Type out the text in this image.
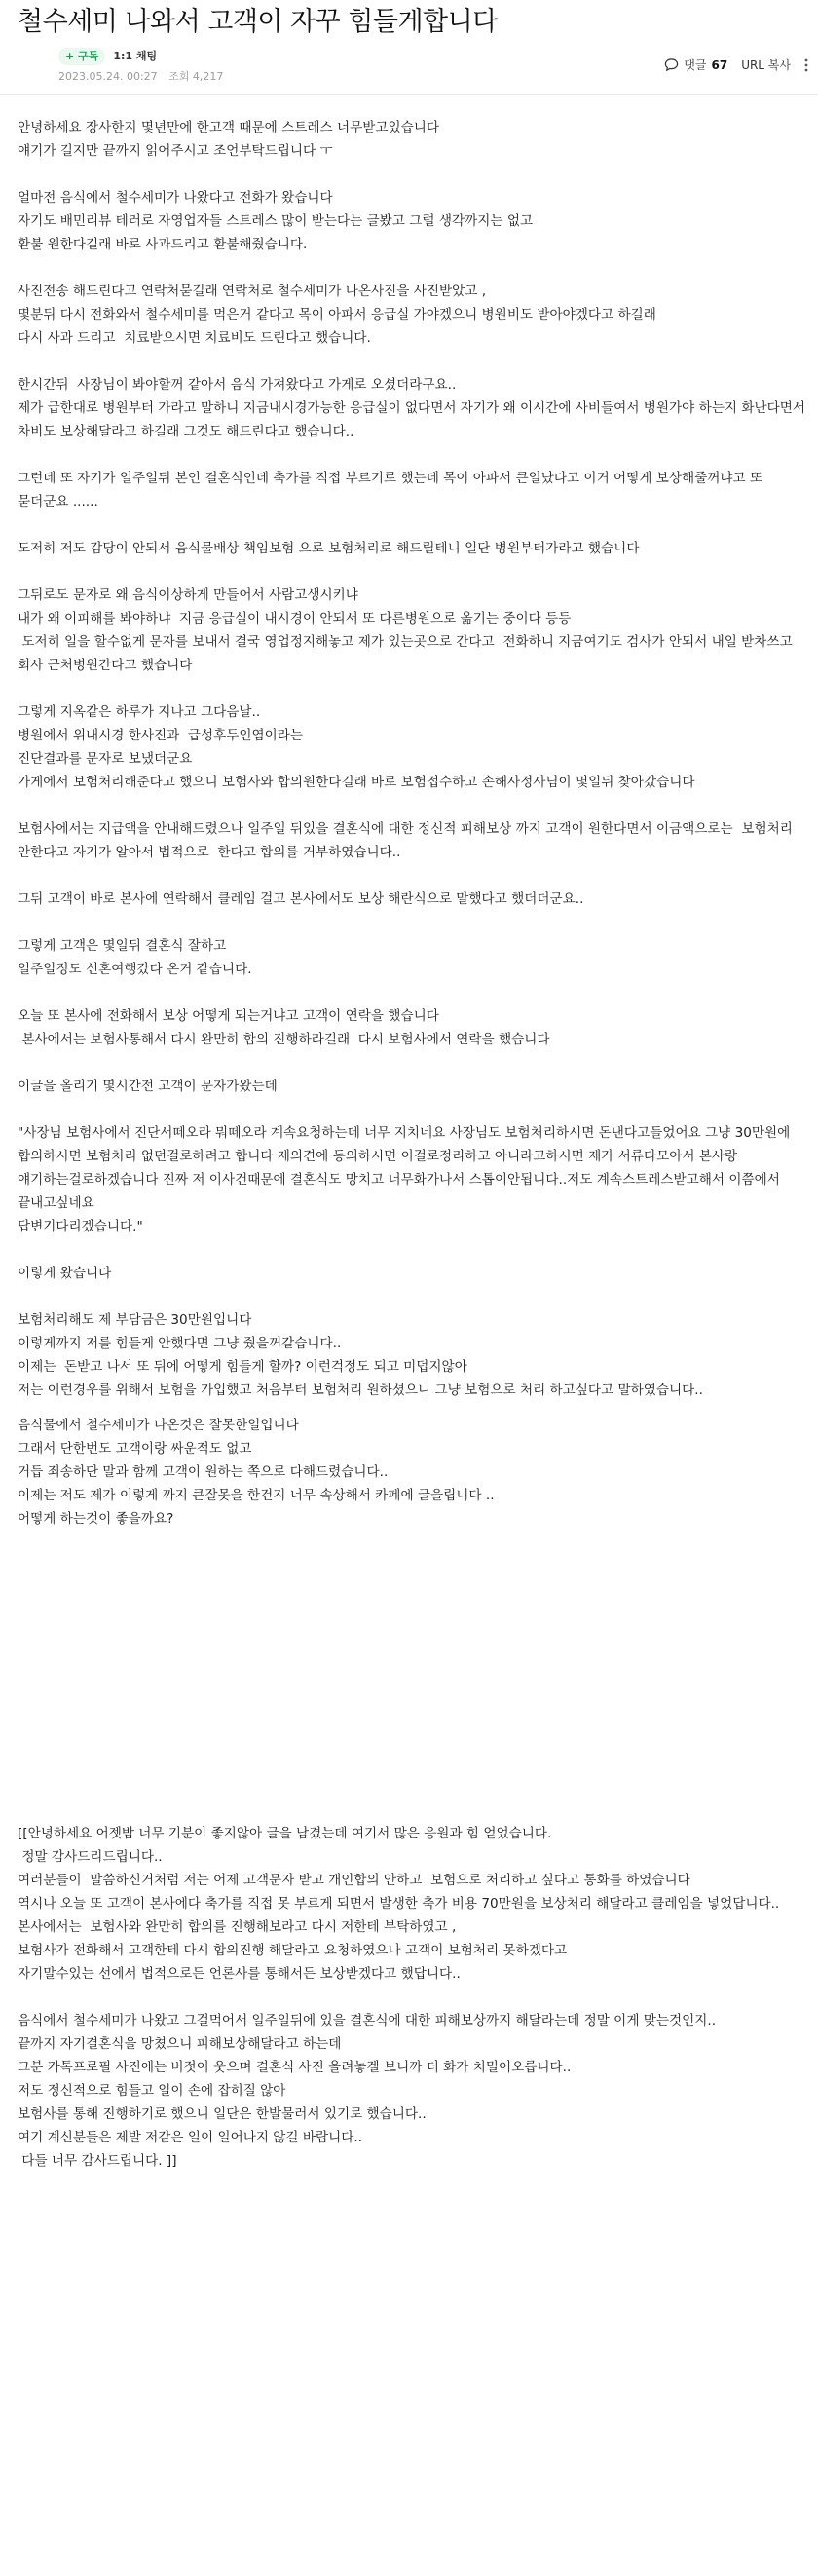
철수세미 나와서 고객이 자꾸 힘들게합니다
+ 구독	1:1 채팅
2023.05.24. 00:27 조회 4,217
댓글 67 URL 복사

안녕하세요 장사한지 몇년만에 한고객 때문에 스트레스 너무받고있습니다
얘기가 길지만 끝까지 읽어주시고 조언부탁드립니다 ㅜ

얼마전 음식에서 철수세미가 나왔다고 전화가 왔습니다
자기도 배민리뷰 테러로 자영업자들 스트레스 많이 받는다는 글봤고 그럴 생각까지는 없고
환불 원한다길래 바로 사과드리고 환불해줬습니다.

사진전송 해드린다고 연락처묻길래 연락처로 철수세미가 나온사진을 사진받았고 ,
몇분뒤 다시 전화와서 철수세미를 먹은거 같다고 목이 아파서 응급실 가야겠으니 병원비도 받아야겠다고 하길래
다시 사과 드리고  치료받으시면 치료비도 드린다고 했습니다.

한시간뒤  사장님이 봐야할꺼 같아서 음식 가져왔다고 가게로 오셨더라구요..
제가 급한대로 병원부터 가라고 말하니 지금내시경가능한 응급실이 없다면서 자기가 왜 이시간에 사비들여서 병원가야 하는지 화난다면서 차비도 보상해달라고 하길래 그것도 해드린다고 했습니다..

그런데 또 자기가 일주일뒤 본인 결혼식인데 축가를 직접 부르기로 했는데 목이 아파서 큰일났다고 이거 어떻게 보상해줄꺼냐고 또 묻더군요 ......

도저히 저도 감당이 안되서 음식물배상 책임보험 으로 보험처리로 해드릴테니 일단 병원부터가라고 했습니다

그뒤로도 문자로 왜 음식이상하게 만들어서 사람고생시키냐
내가 왜 이피해를 봐야하냐  지금 응급실이 내시경이 안되서 또 다른병원으로 옮기는 중이다 등등
도저히 일을 할수없게 문자를 보내서 결국 영업정지해놓고 제가 있는곳으로 간다고  전화하니 지금여기도 검사가 안되서 내일 받차쓰고 회사 근처병원간다고 했습니다

그렇게 지옥같은 하루가 지나고 그다음날..
병원에서 위내시경 한사진과  급성후두인염이라는
진단결과를 문자로 보냈더군요
가게에서 보험처리해준다고 했으니 보험사와 합의원한다길래 바로 보험접수하고 손해사정사님이 몇일뒤 찾아갔습니다

보험사에서는 지급액을 안내해드렸으나 일주일 뒤있을 결혼식에 대한 정신적 피해보상 까지 고객이 원한다면서 이금액으로는  보험처리 안한다고 자기가 알아서 법적으로  한다고 합의를 거부하였습니다..

그뒤 고객이 바로 본사에 연락해서 클레임 걸고 본사에서도 보상 해란식으로 말했다고 했더더군요..

그렇게 고객은 몇일뒤 결혼식 잘하고
일주일정도 신혼여행갔다 온거 같습니다.

오늘 또 본사에 전화해서 보상 어떻게 되는거냐고 고객이 연락을 했습니다
본사에서는 보험사통해서 다시 완만히 합의 진행하라길래  다시 보험사에서 연락을 했습니다

이글을 올리기 몇시간전 고객이 문자가왔는데

"사장님 보험사에서 진단서떼오라 뭐떼오라 계속요청하는데 너무 지치네요 사장님도 보험처리하시면 돈낸다고들었어요 그냥 30만원에 합의하시면 보험처리 없던걸로하려고 합니다 제의견에 동의하시면 이걸로정리하고 아니라고하시면 제가 서류다모아서 본사랑 얘기하는걸로하겠습니다 진짜 저 이사건때문에 결혼식도 망치고 너무화가나서 스톱이안됩니다..저도 계속스트레스받고해서 이쯤에서 끝내고싶네요
답변기다리겠습니다."

이렇게 왔습니다

보험처리해도 제 부담금은 30만원입니다
이렇게까지 저를 힘들게 안했다면 그냥 줬을꺼같습니다..
이제는  돈받고 나서 또 뒤에 어떻게 힘들게 할까? 이런걱정도 되고 미덥지않아
저는 이런경우를 위해서 보험을 가입했고 처음부터 보험처리 원하셨으니 그냥 보험으로 처리 하고싶다고 말하였습니다..

음식물에서 철수세미가 나온것은 잘못한일입니다
그래서 단한번도 고객이랑 싸운적도 없고
거듭 죄송하단 말과 함께 고객이 원하는 쪽으로 다해드렸습니다..
이제는 저도 제가 이렇게 까지 큰잘못을 한건지 너무 속상해서 카페에 글을립니다 ..
어떻게 하는것이 좋을까요?

[[안녕하세요 어젯밤 너무 기분이 좋지않아 글을 남겼는데 여기서 많은 응원과 힘 얻었습니다.
정말 감사드리드립니다..
여러분들이  말씀하신거처럼 저는 어제 고객문자 받고 개인합의 안하고  보험으로 처리하고 싶다고 통화를 하였습니다
역시나 오늘 또 고객이 본사에다 축가를 직접 못 부르게 되면서 발생한 축가 비용 70만원을 보상처리 해달라고 클레임을 넣었답니다..
본사에서는  보험사와 완만히 합의를 진행해보라고 다시 저한테 부탁하였고 ,
보험사가 전화해서 고객한테 다시 합의진행 해달라고 요청하였으나 고객이 보험처리 못하겠다고
자기말수있는 선에서 법적으로든 언론사를 통해서든 보상받겠다고 했답니다..

음식에서 철수세미가 나왔고 그걸먹어서 일주일뒤에 있을 결혼식에 대한 피해보상까지 해달라는데 정말 이게 맞는것인지..
끝까지 자기결혼식을 망쳤으니 피해보상해달라고 하는데
그분 카톡프로필 사진에는 버젓이 웃으며 결혼식 사진 올려놓겔 보니까 더 화가 치밀어오릅니다..
저도 정신적으로 힘들고 일이 손에 잡히질 않아
보험사를 통해 진행하기로 했으니 일단은 한발물러서 있기로 했습니다..
여기 계신분들은 제발 저같은 일이 일어나지 않길 바랍니다..
다들 너무 감사드립니다. ]]
